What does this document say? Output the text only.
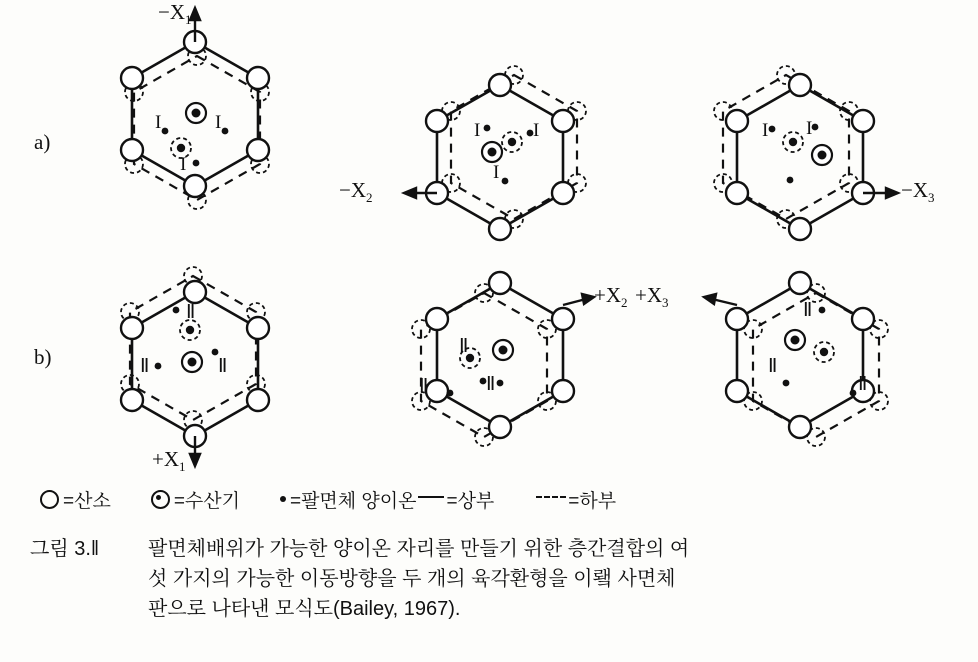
I	I
I
I	I
I
I I
Ⅱ
Ⅱ	Ⅱ
Ⅱ
Ⅱ	Ⅱ
Ⅱ
Ⅱ
Ⅱ
a)
b)
$-X_1$
$-X_2$	$-X_3$
$+X_1$
$+X_2 +X_3$
=산소	=수산기	=팔면체 양이온 =상부	=하부
그림 3.ǁ 팔면체배위가 가능한 양이온 자리를 만들기 위한 층간결합의 여
섯 가지의 가능한 이동방향을 두 개의 육각환형을 이뢬 사면체
판으로 나타낸 모식도(Bailey, 1967).
